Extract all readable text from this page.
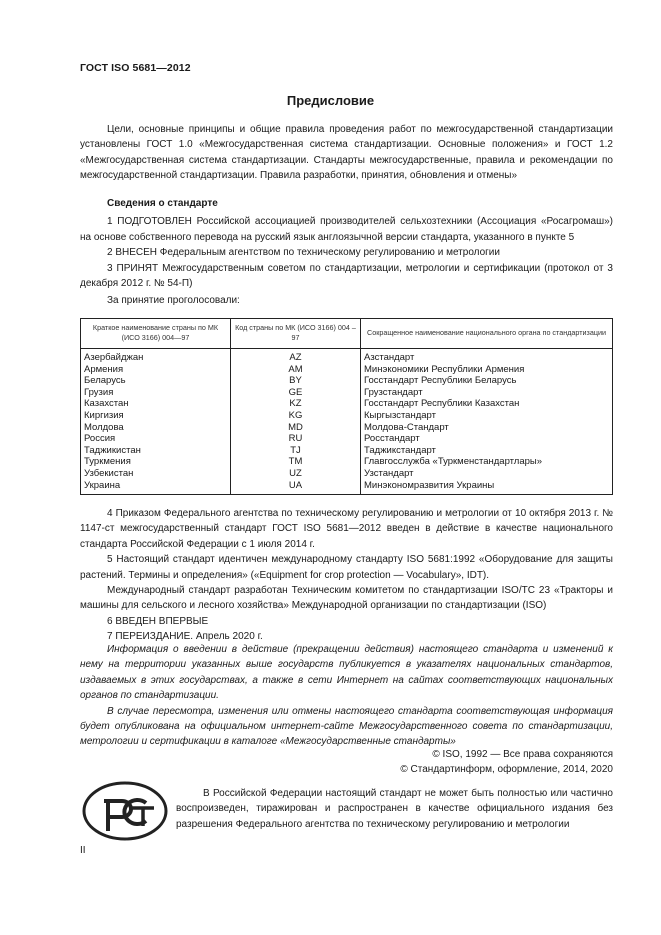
ГОСТ ISO 5681—2012
Предисловие

Цели, основные принципы и общие правила проведения работ по межгосударственной стандартизации установлены ГОСТ 1.0 «Межгосударственная система стандартизации. Основные положения» и ГОСТ 1.2 «Межгосударственная система стандартизации. Стандарты межгосударственные, правила и рекомендации по межгосударственной стандартизации. Правила разработки, принятия, обновления и отмены»

Сведения о стандарте

1 ПОДГОТОВЛЕН Российской ассоциацией производителей сельхозтехники (Ассоциация «Росагромаш») на основе собственного перевода на русский язык англоязычной версии стандарта, указанного в пункте 5

2 ВНЕСЕН Федеральным агентством по техническому регулированию и метрологии

3 ПРИНЯТ Межгосударственным советом по стандартизации, метрологии и сертификации (протокол от 3 декабря 2012 г. № 54-П)

За принятие проголосовали:

Краткое наименование страны по МК (ИСО 3166) 004—97	Код страны по МК (ИСО 3166) 004 – 97	Сокращенное наименование национального органа по стандартизации
Азербайджан	AZ	Азстандарт
Армения	AM	Минэкономики Республики Армения
Беларусь	BY	Госстандарт Республики Беларусь
Грузия	GE	Грузстандарт
Казахстан	KZ	Госстандарт Республики Казахстан
Киргизия	KG	Кыргызстандарт
Молдова	MD	Молдова-Стандарт
Россия	RU	Росстандарт
Таджикистан	TJ	Таджикстандарт
Туркмения	TM	Главгосслужба «Туркменстандартлары»
Узбекистан	UZ	Узстандарт
Украина	UA	Минэкономразвития Украины

4 Приказом Федерального агентства по техническому регулированию и метрологии от 10 октября 2013 г. № 1147-ст межгосударственный стандарт ГОСТ ISO 5681—2012 введен в действие в качестве национального стандарта Российской Федерации с 1 июля 2014 г.

5 Настоящий стандарт идентичен международному стандарту ISO 5681:1992 «Оборудование для защиты растений. Термины и определения» («Equipment for crop protection — Vocabulary», IDT).

Международный стандарт разработан Техническим комитетом по стандартизации ISO/TC 23 «Тракторы и машины для сельского и лесного хозяйства» Международной организации по стандартизации (ISO)

6 ВВЕДЕН ВПЕРВЫЕ

7 ПЕРЕИЗДАНИЕ. Апрель 2020 г.

Информация о введении в действие (прекращении действия) настоящего стандарта и изменений к нему на территории указанных выше государств публикуется в указателях национальных стандартов, издаваемых в этих государствах, а также в сети Интернет на сайтах соответствующих национальных органов по стандартизации.

В случае пересмотра, изменения или отмены настоящего стандарта соответствующая информация будет опубликована на официальном интернет-сайте Межгосударственного совета по стандартизации, метрологии и сертификации в каталоге «Межгосударственные стандарты»

© ISO, 1992 — Все права сохраняются
© Стандартинформ, оформление, 2014, 2020

В Российской Федерации настоящий стандарт не может быть полностью или частично воспроизведен, тиражирован и распространен в качестве официального издания без разрешения Федерального агентства по техническому регулированию и метрологии

II
